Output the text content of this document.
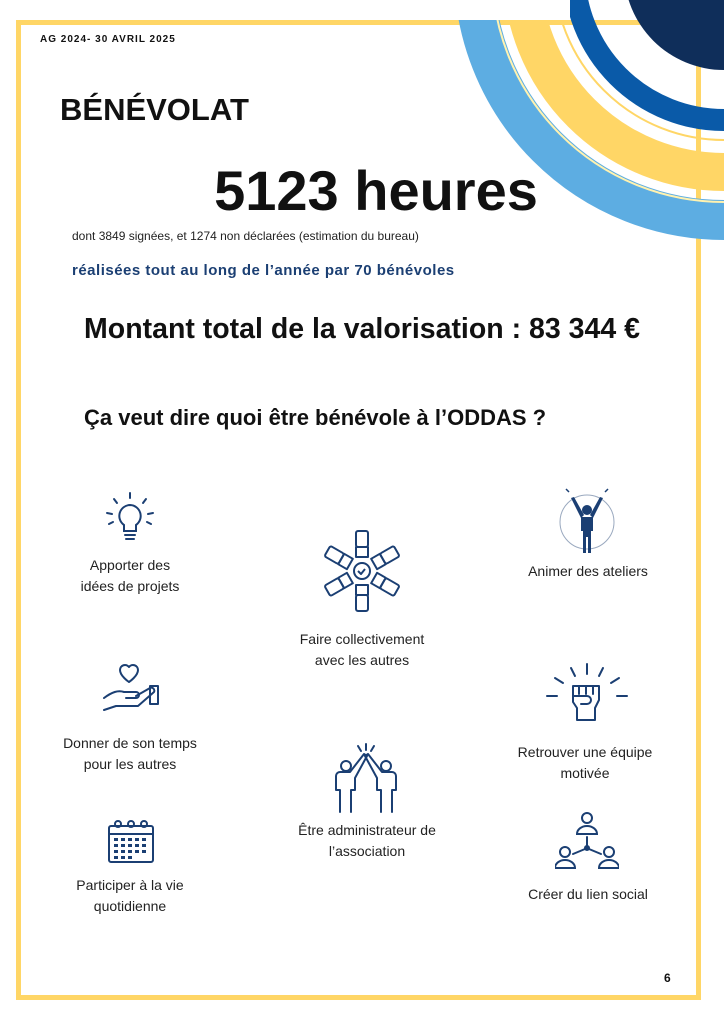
AG 2024- 30 AVRIL 2025
BÉNÉVOLAT
5123 heures
dont 3849 signées, et 1274 non déclarées (estimation du bureau)
réalisées tout au long de l’année par 70 bénévoles
Montant total de la valorisation : 83 344 €
Ça veut dire quoi être bénévole à l’ODDAS ?
Apporter des
idées de projets
Faire collectivement
avec les autres
Animer des ateliers
Donner de son temps
pour les autres
Retrouver une équipe
motivée
Être administrateur de
l’association
Participer à la vie
quotidienne
Créer du lien social
6
